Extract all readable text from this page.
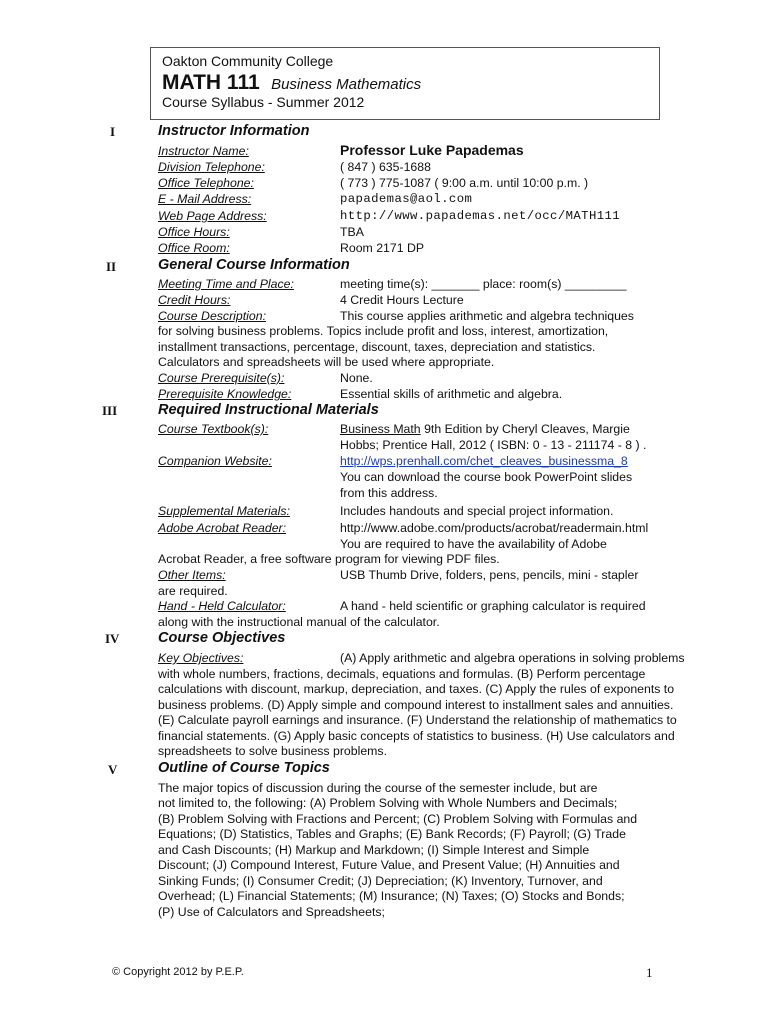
Oakton Community College
MATH 111 Business Mathematics
Course Syllabus - Summer 2012
I
II
III
IV
V
Instructor Information
General Course Information
Required Instructional Materials
Course Objectives
Outline of Course Topics
Instructor Name:	Professor Luke Papademas
Division Telephone:	( 847 ) 635-1688
Office Telephone:	( 773 ) 775-1087 ( 9:00 a.m. until 10:00 p.m. )
E - Mail Address:	papademas@aol.com
Web Page Address:	http://www.papademas.net/occ/MATH111
Office Hours:	TBA
Office Room:	Room 2171 DP
Meeting Time and Place:	meeting time(s): _______ place: room(s) _________
Credit Hours:	4 Credit Hours Lecture
Course Description:	This course applies arithmetic and algebra techniques
for solving business problems. Topics include profit and loss, interest, amortization,
installment transactions, percentage, discount, taxes, depreciation and statistics.
Calculators and spreadsheets will be used where appropriate.
Course Prerequisite(s):	None.
Prerequisite Knowledge:	Essential skills of arithmetic and algebra.
Course Textbook(s):	Business Math 9th Edition by Cheryl Cleaves, Margie
Hobbs; Prentice Hall, 2012 ( ISBN: 0 - 13 - 211174 - 8 ) .
Companion Website:	http://wps.prenhall.com/chet_cleaves_businessma_8
You can download the course book PowerPoint slides
from this address.
Supplemental Materials:	Includes handouts and special project information.
Adobe Acrobat Reader:	http://www.adobe.com/products/acrobat/readermain.html
You are required to have the availability of Adobe
Acrobat Reader, a free software program for viewing PDF files.
Other Items:	USB Thumb Drive, folders, pens, pencils, mini - stapler
are required.
Hand - Held Calculator:	A hand - held scientific or graphing calculator is required
along with the instructional manual of the calculator.
Key Objectives:	(A) Apply arithmetic and algebra operations in solving problems
with whole numbers, fractions, decimals, equations and formulas. (B) Perform percentage
calculations with discount, markup, depreciation, and taxes. (C) Apply the rules of exponents to
business problems. (D) Apply simple and compound interest to installment sales and annuities.
(E) Calculate payroll earnings and insurance. (F) Understand the relationship of mathematics to
financial statements. (G) Apply basic concepts of statistics to business. (H) Use calculators and
spreadsheets to solve business problems.
The major topics of discussion during the course of the semester include, but are
not limited to, the following: (A) Problem Solving with Whole Numbers and Decimals;
(B) Problem Solving with Fractions and Percent; (C) Problem Solving with Formulas and
Equations; (D) Statistics, Tables and Graphs; (E) Bank Records; (F) Payroll; (G) Trade
and Cash Discounts; (H) Markup and Markdown; (I) Simple Interest and Simple
Discount; (J) Compound Interest, Future Value, and Present Value; (H) Annuities and
Sinking Funds; (I) Consumer Credit; (J) Depreciation; (K) Inventory, Turnover, and
Overhead; (L) Financial Statements; (M) Insurance; (N) Taxes; (O) Stocks and Bonds;
(P) Use of Calculators and Spreadsheets;
© Copyright 2012 by P.E.P.	1
